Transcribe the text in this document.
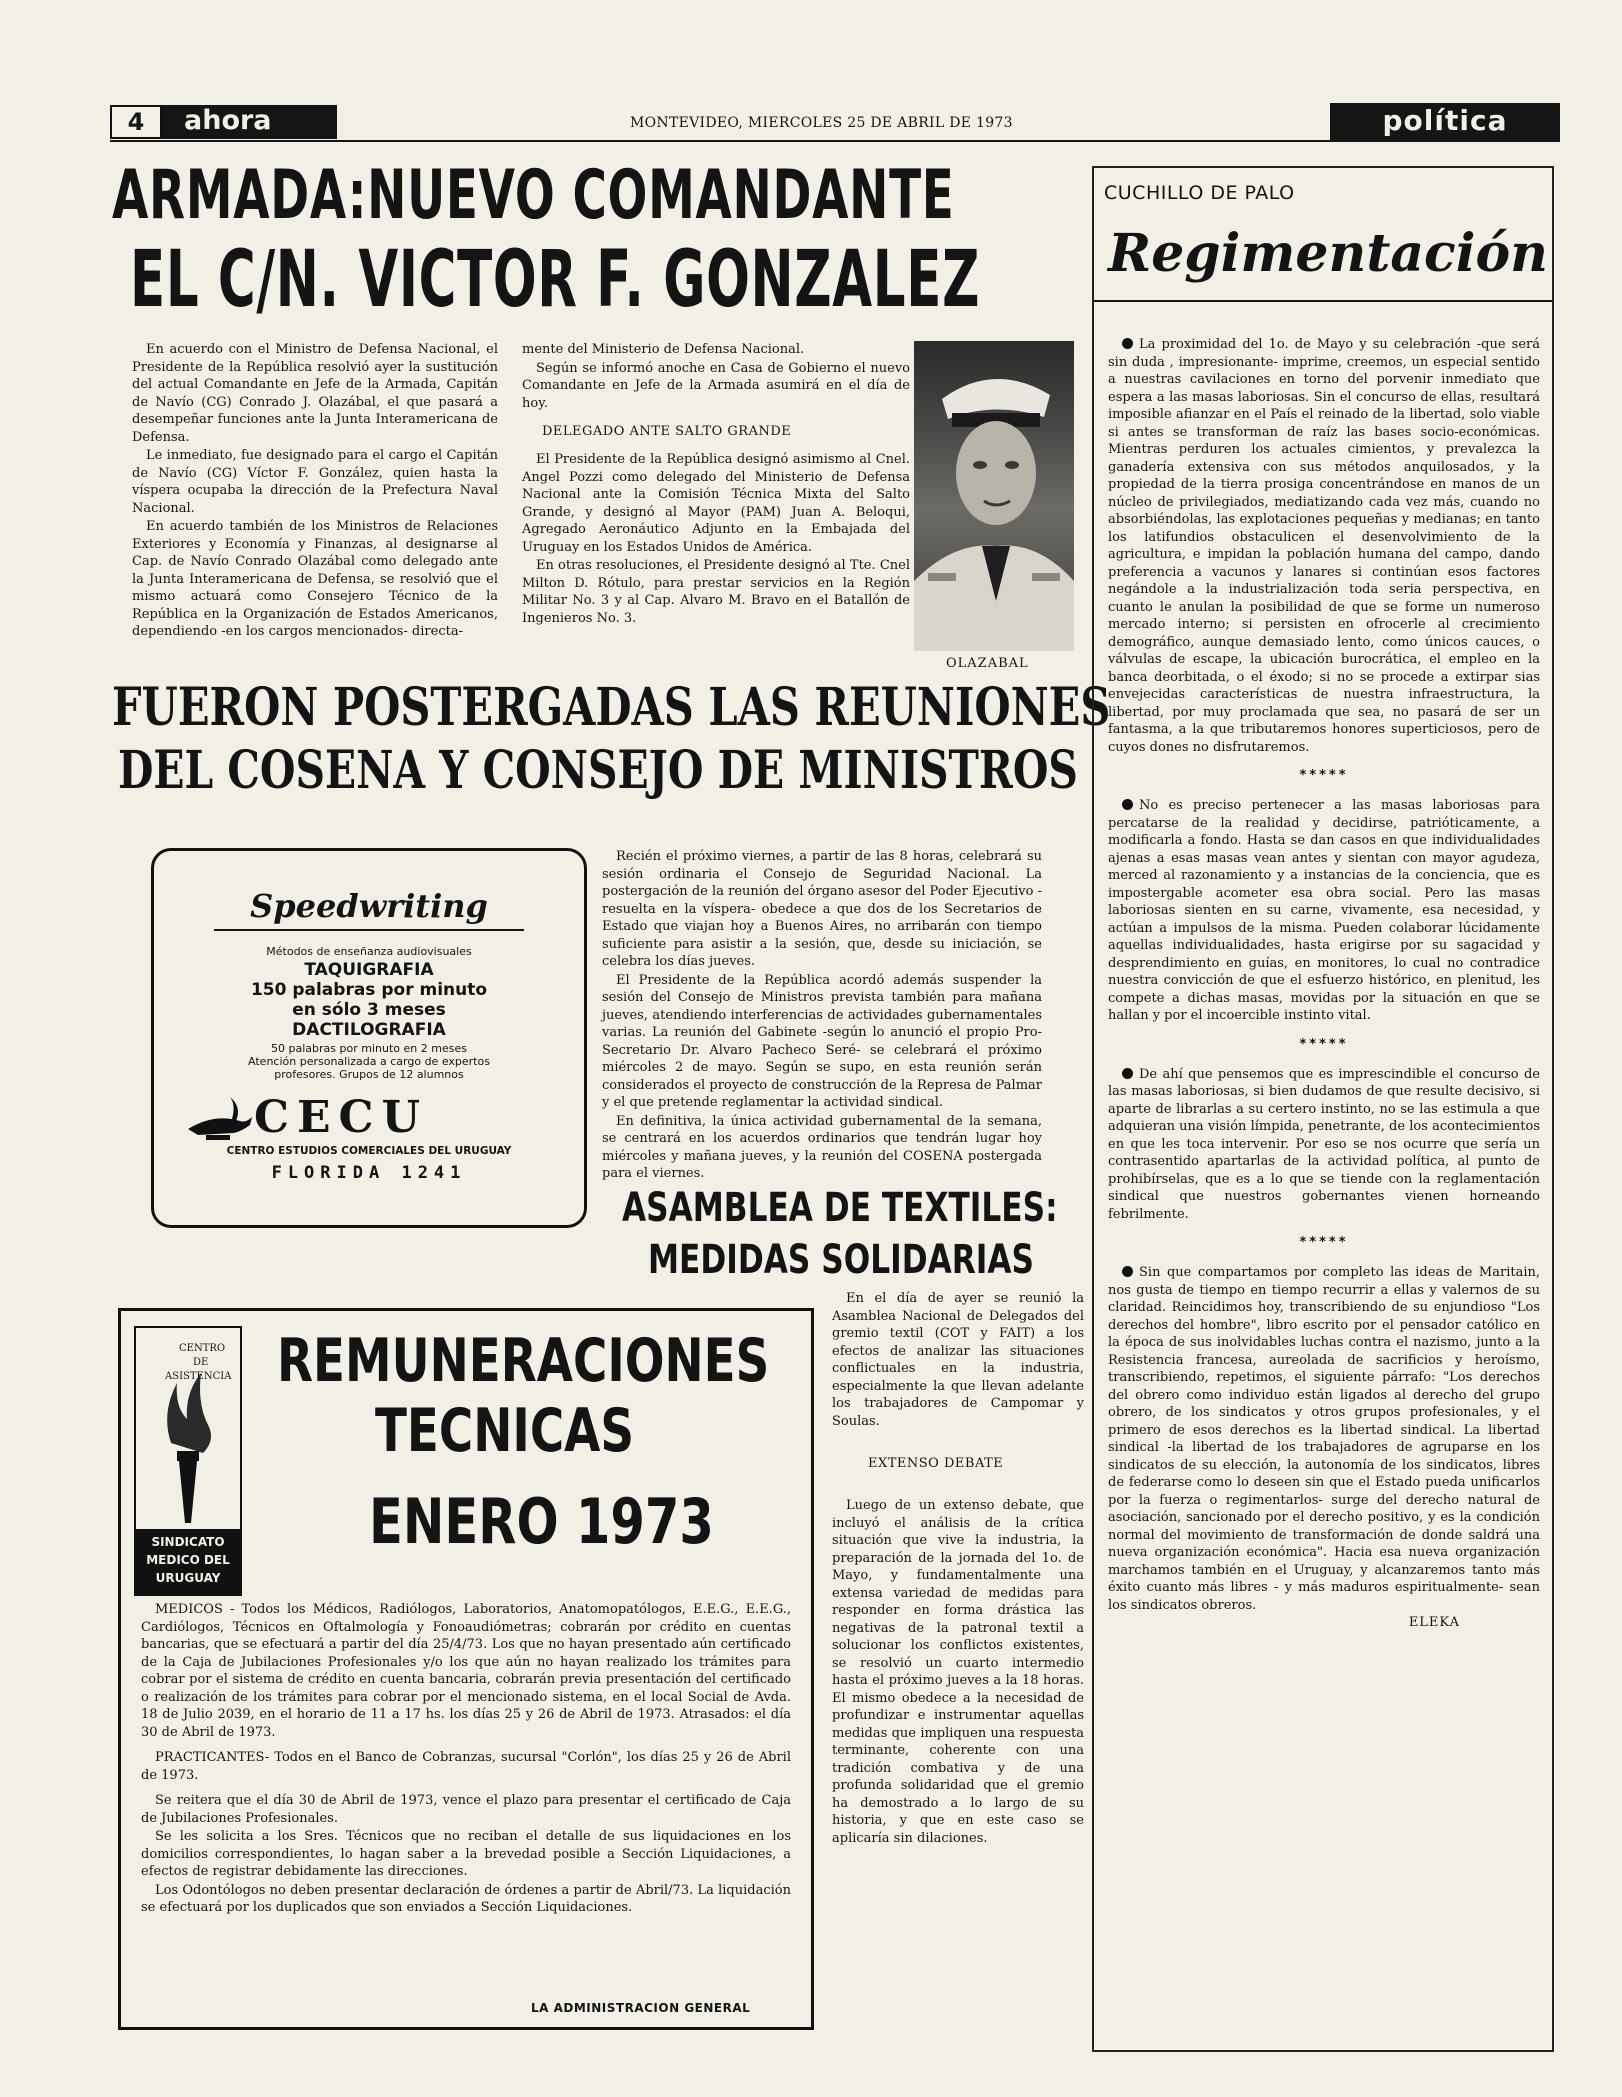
4	ahora	MONTEVIDEO, MIERCOLES 25 DE ABRIL DE 1973	política
ARMADA:NUEVO COMANDANTE
EL C/N. VICTOR F. GONZALEZ

En acuerdo con el Ministro de Defensa Nacional, el Presidente de la República resolvió ayer la sustitución del actual Comandante en Jefe de la Armada, Capitán de Navío (CG) Conrado J. Olazábal, el que pasará a desempeñar funciones ante la Junta Interamericana de Defensa.

Le inmediato, fue designado para el cargo el Capitán de Navío (CG) Víctor F. González, quien hasta la víspera ocupaba la dirección de la Prefectura Naval Nacional.

En acuerdo también de los Ministros de Relaciones Exteriores y Economía y Finanzas, al designarse al Cap. de Navío Conrado Olazábal como delegado ante la Junta Interamericana de Defensa, se resolvió que el mismo actuará como Consejero Técnico de la República en la Organización de Estados Americanos, dependiendo -en los cargos mencionados- directa-

mente del Ministerio de Defensa Nacional.

Según se informó anoche en Casa de Gobierno el nuevo Comandante en Jefe de la Armada asumirá en el día de hoy.

DELEGADO ANTE SALTO GRANDE

El Presidente de la República designó asimismo al Cnel. Angel Pozzi como delegado del Ministerio de Defensa Nacional ante la Comisión Técnica Mixta del Salto Grande, y designó al Mayor (PAM) Juan A. Beloqui, Agregado Aeronáutico Adjunto en la Embajada del Uruguay en los Estados Unidos de América.

En otras resoluciones, el Presidente designó al Tte. Cnel Milton D. Rótulo, para prestar servicios en la Región Militar No. 3 y al Cap. Alvaro M. Bravo en el Batallón de Ingenieros No. 3.

OLAZABAL
FUERON POSTERGADAS LAS REUNIONES
DEL COSENA Y CONSEJO DE MINISTROS
Speedwriting
Métodos de enseñanza audiovisuales
TAQUIGRAFIA
150 palabras por minuto
en sólo 3 meses
DACTILOGRAFIA
50 palabras por minuto en 2 meses
Atención personalizada a cargo de expertos
profesores. Grupos de 12 alumnos
CECU
CENTRO ESTUDIOS COMERCIALES DEL URUGUAY
FLORIDA 1241

Recién el próximo viernes, a partir de las 8 horas, celebrará su sesión ordinaria el Consejo de Seguridad Nacional. La postergación de la reunión del órgano asesor del Poder Ejecutivo -resuelta en la víspera- obedece a que dos de los Secretarios de Estado que viajan hoy a Buenos Aires, no arribarán con tiempo suficiente para asistir a la sesión, que, desde su iniciación, se celebra los días jueves.

El Presidente de la República acordó además suspender la sesión del Consejo de Ministros prevista también para mañana jueves, atendiendo interferencias de actividades gubernamentales varias. La reunión del Gabinete -según lo anunció el propio Pro-Secretario Dr. Alvaro Pacheco Seré- se celebrará el próximo miércoles 2 de mayo. Según se supo, en esta reunión serán considerados el proyecto de construcción de la Represa de Palmar y el que pretende reglamentar la actividad sindical.

En definitiva, la única actividad gubernamental de la semana, se centrará en los acuerdos ordinarios que tendrán lugar hoy miércoles y mañana jueves, y la reunión del COSENA postergada para el viernes.

ASAMBLEA DE TEXTILES:
MEDIDAS SOLIDARIAS
CENTRO
DE
ASISTENCIA
SINDICATO
MEDICO DEL
URUGUAY
REMUNERACIONES
TECNICAS
ENERO 1973

MEDICOS - Todos los Médicos, Radiólogos, Laboratorios, Anatomopatólogos, E.E.G., E.E.G., Cardiólogos, Técnicos en Oftalmología y Fonoaudiómetras; cobrarán por crédito en cuentas bancarias, que se efectuará a partir del día 25/4/73. Los que no hayan presentado aún certificado de la Caja de Jubilaciones Profesionales y/o los que aún no hayan realizado los trámites para cobrar por el sistema de crédito en cuenta bancaria, cobrarán previa presentación del certificado o realización de los trámites para cobrar por el mencionado sistema, en el local Social de Avda. 18 de Julio 2039, en el horario de 11 a 17 hs. los días 25 y 26 de Abril de 1973. Atrasados: el día 30 de Abril de 1973.

PRACTICANTES- Todos en el Banco de Cobranzas, sucursal "Corlón", los días 25 y 26 de Abril de 1973.

Se reitera que el día 30 de Abril de 1973, vence el plazo para presentar el certificado de Caja de Jubilaciones Profesionales.

Se les solicita a los Sres. Técnicos que no reciban el detalle de sus liquidaciones en los domicilios correspondientes, lo hagan saber a la brevedad posible a Sección Liquidaciones, a efectos de registrar debidamente las direcciones.

Los Odontólogos no deben presentar declaración de órdenes a partir de Abril/73. La liquidación se efectuará por los duplicados que son enviados a Sección Liquidaciones.

LA ADMINISTRACION GENERAL

En el día de ayer se reunió la Asamblea Nacional de Delegados del gremio textil (COT y FAIT) a los efectos de analizar las situaciones conflictuales en la industria, especialmente la que llevan adelante los trabajadores de Campomar y Soulas.

EXTENSO DEBATE

Luego de un extenso debate, que incluyó el análisis de la crítica situación que vive la industria, la preparación de la jornada del 1o. de Mayo, y fundamentalmente una extensa variedad de medidas para responder en forma drástica las negativas de la patronal textil a solucionar los conflictos existentes, se resolvió un cuarto intermedio hasta el próximo jueves a la 18 horas. El mismo obedece a la necesidad de profundizar e instrumentar aquellas medidas que impliquen una respuesta terminante, coherente con una tradición combativa y de una profunda solidaridad que el gremio ha demostrado a lo largo de su historia, y que en este caso se aplicaría sin dilaciones.

CUCHILLO DE PALO
Regimentación

La proximidad del 1o. de Mayo y su celebración -que será sin duda , impresionante- imprime, creemos, un especial sentido a nuestras cavilaciones en torno del porvenir inmediato que espera a las masas laboriosas. Sin el concurso de ellas, resultará imposible afianzar en el País el reinado de la libertad, solo viable si antes se transforman de raíz las bases socio-económicas. Mientras perduren los actuales cimientos, y prevalezca la ganadería extensiva con sus métodos anquilosados, y la propiedad de la tierra prosiga concentrándose en manos de un núcleo de privilegiados, mediatizando cada vez más, cuando no absorbiéndolas, las explotaciones pequeñas y medianas; en tanto los latifundios obstaculicen el desenvolvimiento de la agricultura, e impidan la población humana del campo, dando preferencia a vacunos y lanares si continúan esos factores negándole a la industrialización toda seria perspectiva, en cuanto le anulan la posibilidad de que se forme un numeroso mercado interno; si persisten en ofrocerle al crecimiento demográfico, aunque demasiado lento, como únicos cauces, o válvulas de escape, la ubicación burocrática, el empleo en la banca deorbitada, o el éxodo; si no se procede a extirpar sias envejecidas características de nuestra infraestructura, la libertad, por muy proclamada que sea, no pasará de ser un fantasma, a la que tributaremos honores superticiosos, pero de cuyos dones no disfrutaremos.

*****

No es preciso pertenecer a las masas laboriosas para percatarse de la realidad y decidirse, patrióticamente, a modificarla a fondo. Hasta se dan casos en que individualidades ajenas a esas masas vean antes y sientan con mayor agudeza, merced al razonamiento y a instancias de la conciencia, que es impostergable acometer esa obra social. Pero las masas laboriosas sienten en su carne, vivamente, esa necesidad, y actúan a impulsos de la misma. Pueden colaborar lúcidamente aquellas individualidades, hasta erigirse por su sagacidad y desprendimiento en guías, en monitores, lo cual no contradice nuestra convicción de que el esfuerzo histórico, en plenitud, les compete a dichas masas, movidas por la situación en que se hallan y por el incoercible instinto vital.

*****

De ahí que pensemos que es imprescindible el concurso de las masas laboriosas, si bien dudamos de que resulte decisivo, si aparte de librarlas a su certero instinto, no se las estimula a que adquieran una visión límpida, penetrante, de los acontecimientos en que les toca intervenir. Por eso se nos ocurre que sería un contrasentido apartarlas de la actividad política, al punto de prohibírselas, que es a lo que se tiende con la reglamentación sindical que nuestros gobernantes vienen horneando febrilmente.

*****

Sin que compartamos por completo las ideas de Maritain, nos gusta de tiempo en tiempo recurrir a ellas y valernos de su claridad. Reincidimos hoy, transcribiendo de su enjundioso "Los derechos del hombre", libro escrito por el pensador católico en la época de sus inolvidables luchas contra el nazismo, junto a la Resistencia francesa, aureolada de sacrificios y heroísmo, transcribiendo, repetimos, el siguiente párrafo: "Los derechos del obrero como individuo están ligados al derecho del grupo obrero, de los sindicatos y otros grupos profesionales, y el primero de esos derechos es la libertad sindical. La libertad sindical -la libertad de los trabajadores de agruparse en los sindicatos de su elección, la autonomía de los sindicatos, libres de federarse como lo deseen sin que el Estado pueda unificarlos por la fuerza o regimentarlos- surge del derecho natural de asociación, sancionado por el derecho positivo, y es la condición normal del movimiento de transformación de donde saldrá una nueva organización económica". Hacia esa nueva organización marchamos también en el Uruguay, y alcanzaremos tanto más éxito cuanto más libres - y más maduros espiritualmente- sean los sindicatos obreros.

ELEKA
